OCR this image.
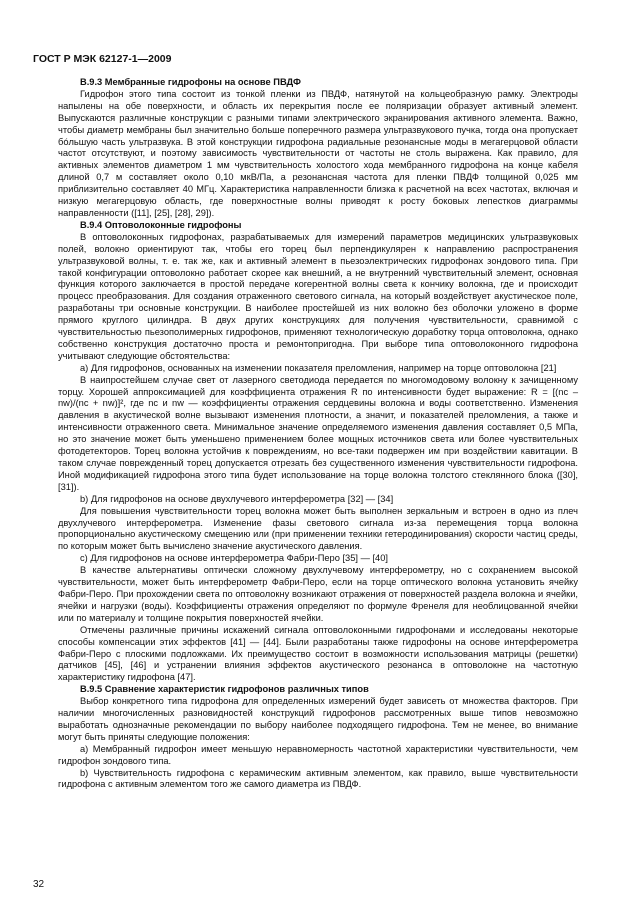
ГОСТ Р МЭК 62127-1—2009

В.9.3 Мембранные гидрофоны на основе ПВДФ

Гидрофон этого типа состоит из тонкой пленки из ПВДФ, натянутой на кольцеобразную рамку. Электроды напылены на обе поверхности, и область их перекрытия после ее поляризации образует активный элемент. Выпускаются различные конструкции с разными типами электрического экранирования активного элемента. Важно, чтобы диаметр мембраны был значительно больше поперечного размера ультразвукового пучка, тогда она пропускает бóльшую часть ультразвука. В этой конструкции гидрофона радиальные резонансные моды в мегагерцовой области частот отсутствуют, и поэтому зависимость чувствительности от частоты не столь выражена. Как правило, для активных элементов диаметром 1 мм чувствительность холостого хода мембранного гидрофона на конце кабеля длиной 0,7 м составляет около 0,10 мкВ/Па, а резонансная частота для пленки ПВДФ толщиной 0,025 мм приблизительно составляет 40 МГц. Характеристика направленности близка к расчетной на всех частотах, включая и низкую мегагерцовую область, где поверхностные волны приводят к росту боковых лепестков диаграммы направленности ([11], [25], [28], 29]).

В.9.4 Оптоволоконные гидрофоны

В оптоволоконных гидрофонах, разрабатываемых для измерений параметров медицинских ультразвуковых полей, волокно ориентируют так, чтобы его торец был перпендикулярен к направлению распространения ультразвуковой волны, т. е. так же, как и активный элемент в пьезоэлектрических гидрофонах зондового типа. При такой конфигурации оптоволокно работает скорее как внешний, а не внутренний чувствительный элемент, основная функция которого заключается в простой передаче когерентной волны света к кончику волокна, где и происходит процесс преобразования. Для создания отраженного светового сигнала, на который воздействует акустическое поле, разработаны три основные конструкции. В наиболее простейшей из них волокно без оболочки уложено в форме прямого круглого цилиндра. В двух других конструкциях для получения чувствительности, сравнимой с чувствительностью пьезополимерных гидрофонов, применяют технологическую доработку торца оптоволокна, однако собственно конструкция достаточно проста и ремонтопригодна. При выборе типа оптоволоконного гидрофона учитывают следующие обстоятельства:

а) Для гидрофонов, основанных на изменении показателя преломления, например на торце оптоволокна [21]

В наипростейшем случае свет от лазерного светодиода передается по многомодовому волокну к зачищенному торцу. Хорошей аппроксимацией для коэффициента отражения R по интенсивности будет выражение: R = [(nc – nw)/(nc + nw)]², где nc и nw — коэффициенты отражения сердцевины волокна и воды соответственно. Изменения давления в акустической волне вызывают изменения плотности, а значит, и показателей преломления, а также и интенсивности отраженного света. Минимальное значение определяемого изменения давления составляет 0,5 МПа, но это значение может быть уменьшено применением более мощных источников света или более чувствительных фотодетекторов. Торец волокна устойчив к повреждениям, но все-таки подвержен им при воздействии кавитации. В таком случае поврежденный торец допускается отрезать без существенного изменения чувствительности гидрофона. Иной модификацией гидрофона этого типа будет использование на торце волокна толстого стеклянного блока ([30], [31]).

b) Для гидрофонов на основе двухлучевого интерферометра [32] — [34]

Для повышения чувствительности торец волокна может быть выполнен зеркальным и встроен в одно из плеч двухлучевого интерферометра. Изменение фазы светового сигнала из-за перемещения торца волокна пропорционально акустическому смещению или (при применении техники гетеродинирования) скорости частиц среды, по которым может быть вычислено значение акустического давления.

c) Для гидрофонов на основе интерферометра Фабри-Перо [35] — [40]

В качестве альтернативы оптически сложному двухлучевому интерферометру, но с сохранением высокой чувствительности, может быть интерферометр Фабри-Перо, если на торце оптического волокна установить ячейку Фабри-Перо. При прохождении света по оптоволокну возникают отражения от поверхностей раздела волокна и ячейки, ячейки и нагрузки (воды). Коэффициенты отражения определяют по формуле Френеля для необлицованной ячейки или по материалу и толщине покрытия поверхностей ячейки.

Отмечены различные причины искажений сигнала оптоволоконными гидрофонами и исследованы некоторые способы компенсации этих эффектов [41] — [44]. Были разработаны также гидрофоны на основе интерферометра Фабри-Перо с плоскими подложками. Их преимущество состоит в возможности использования матрицы (решетки) датчиков [45], [46] и устранении влияния эффектов акустического резонанса в оптоволокне на частотную характеристику гидрофона [47].

В.9.5 Сравнение характеристик гидрофонов различных типов

Выбор конкретного типа гидрофона для определенных измерений будет зависеть от множества факторов. При наличии многочисленных разновидностей конструкций гидрофонов рассмотренных выше типов невозможно выработать однозначные рекомендации по выбору наиболее подходящего гидрофона. Тем не менее, во внимание могут быть приняты следующие положения:

a) Мембранный гидрофон имеет меньшую неравномерность частотной характеристики чувствительности, чем гидрофон зондового типа.

b) Чувствительность гидрофона с керамическим активным элементом, как правило, выше чувствительности гидрофона с активным элементом того же самого диаметра из ПВДФ.

32
